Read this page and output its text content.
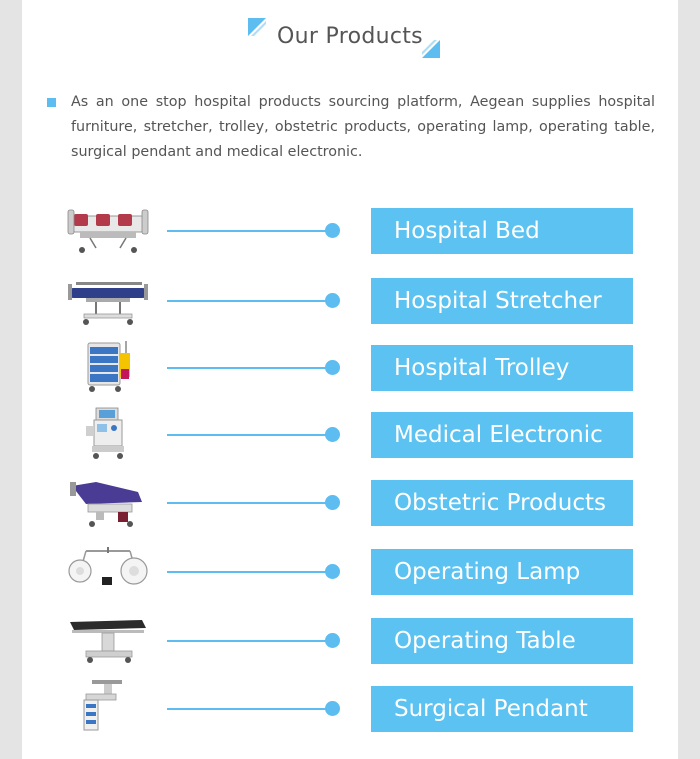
Our Products
As an one stop hospital products sourcing platform, Aegean supplies hospital furniture, stretcher, trolley, obstetric products, operating lamp, operating table, surgical pendant and medical electronic.
Hospital Bed
Hospital Stretcher
Hospital Trolley
Medical Electronic
Obstetric Products
Operating Lamp
Operating Table
Surgical Pendant
